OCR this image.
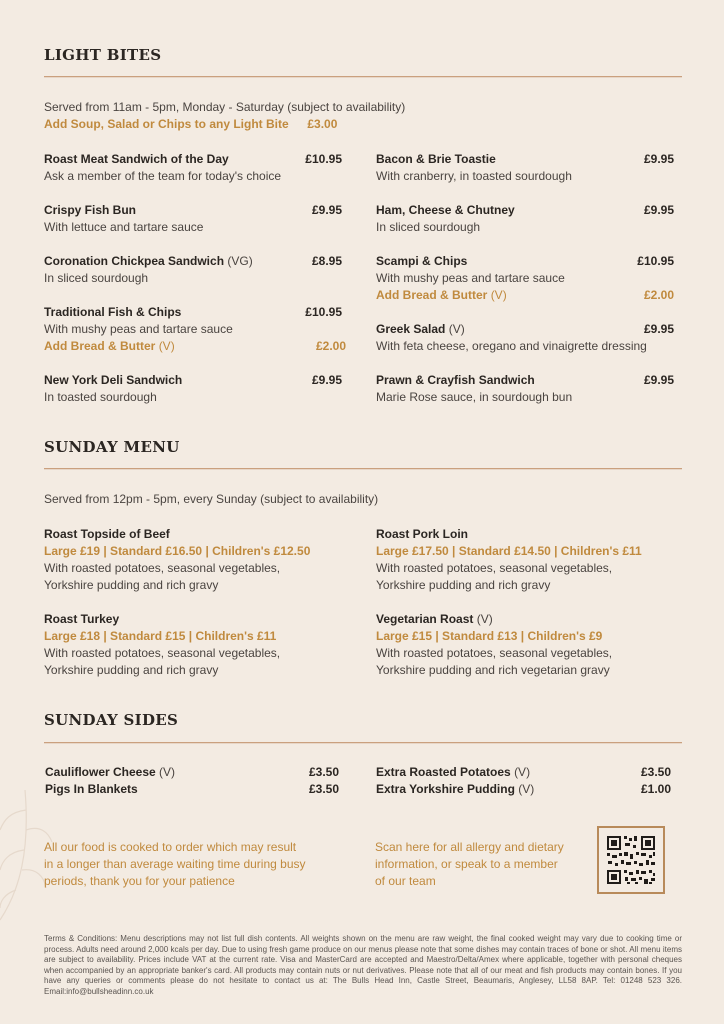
LIGHT BITES
Served from 11am - 5pm, Monday - Saturday (subject to availability)
Add Soup, Salad or Chips to any Light Bite £3.00
Roast Meat Sandwich of the Day	£10.95
Ask a member of the team for today's choice
Crispy Fish Bun	£9.95
With lettuce and tartare sauce
Coronation Chickpea Sandwich (VG)	£8.95
In sliced sourdough
Traditional Fish & Chips	£10.95
With mushy peas and tartare sauce
Add Bread & Butter (V)	£2.00
New York Deli Sandwich	£9.95
In toasted sourdough
Bacon & Brie Toastie	£9.95
With cranberry, in toasted sourdough
Ham, Cheese & Chutney	£9.95
In sliced sourdough
Scampi & Chips	£10.95
With mushy peas and tartare sauce
Add Bread & Butter (V)	£2.00
Greek Salad (V)	£9.95
With feta cheese, oregano and vinaigrette dressing
Prawn & Crayfish Sandwich	£9.95
Marie Rose sauce, in sourdough bun
SUNDAY MENU
Served from 12pm - 5pm, every Sunday (subject to availability)
Roast Topside of Beef
Large £19 | Standard £16.50 | Children's £12.50
With roasted potatoes, seasonal vegetables,
Yorkshire pudding and rich gravy
Roast Pork Loin
Large £17.50 | Standard £14.50 | Children's £11
With roasted potatoes, seasonal vegetables,
Yorkshire pudding and rich gravy
Roast Turkey
Large £18 | Standard £15 | Children's £11
With roasted potatoes, seasonal vegetables,
Yorkshire pudding and rich gravy
Vegetarian Roast (V)
Large £15 | Standard £13 | Children's £9
With roasted potatoes, seasonal vegetables,
Yorkshire pudding and rich vegetarian gravy
SUNDAY SIDES
Cauliflower Cheese (V)	£3.50
Pigs In Blankets	£3.50
Extra Roasted Potatoes (V)	£3.50
Extra Yorkshire Pudding (V)	£1.00
All our food is cooked to order which may result
in a longer than average waiting time during busy
periods, thank you for your patience
Scan here for all allergy and dietary
information, or speak to a member
of our team
Terms & Conditions: Menu descriptions may not list full dish contents. All weights shown on the menu are raw weight, the final cooked weight may vary due to cooking time or process. Adults need around 2,000 kcals per day. Due to using fresh game produce on our menus please note that some dishes may contain traces of bone or shot. All menu items are subject to availability. Prices include VAT at the current rate. Visa and MasterCard are accepted and Maestro/Delta/Amex where applicable, together with personal cheques when accompanied by an appropriate banker's card. All products may contain nuts or nut derivatives. Please note that all of our meat and fish products may contain bones. If you have any queries or comments please do not hesitate to contact us at: The Bulls Head Inn, Castle Street, Beaumaris, Anglesey, LL58 8AP. Tel: 01248 523 326. Email:info@bullsheadinn.co.uk
